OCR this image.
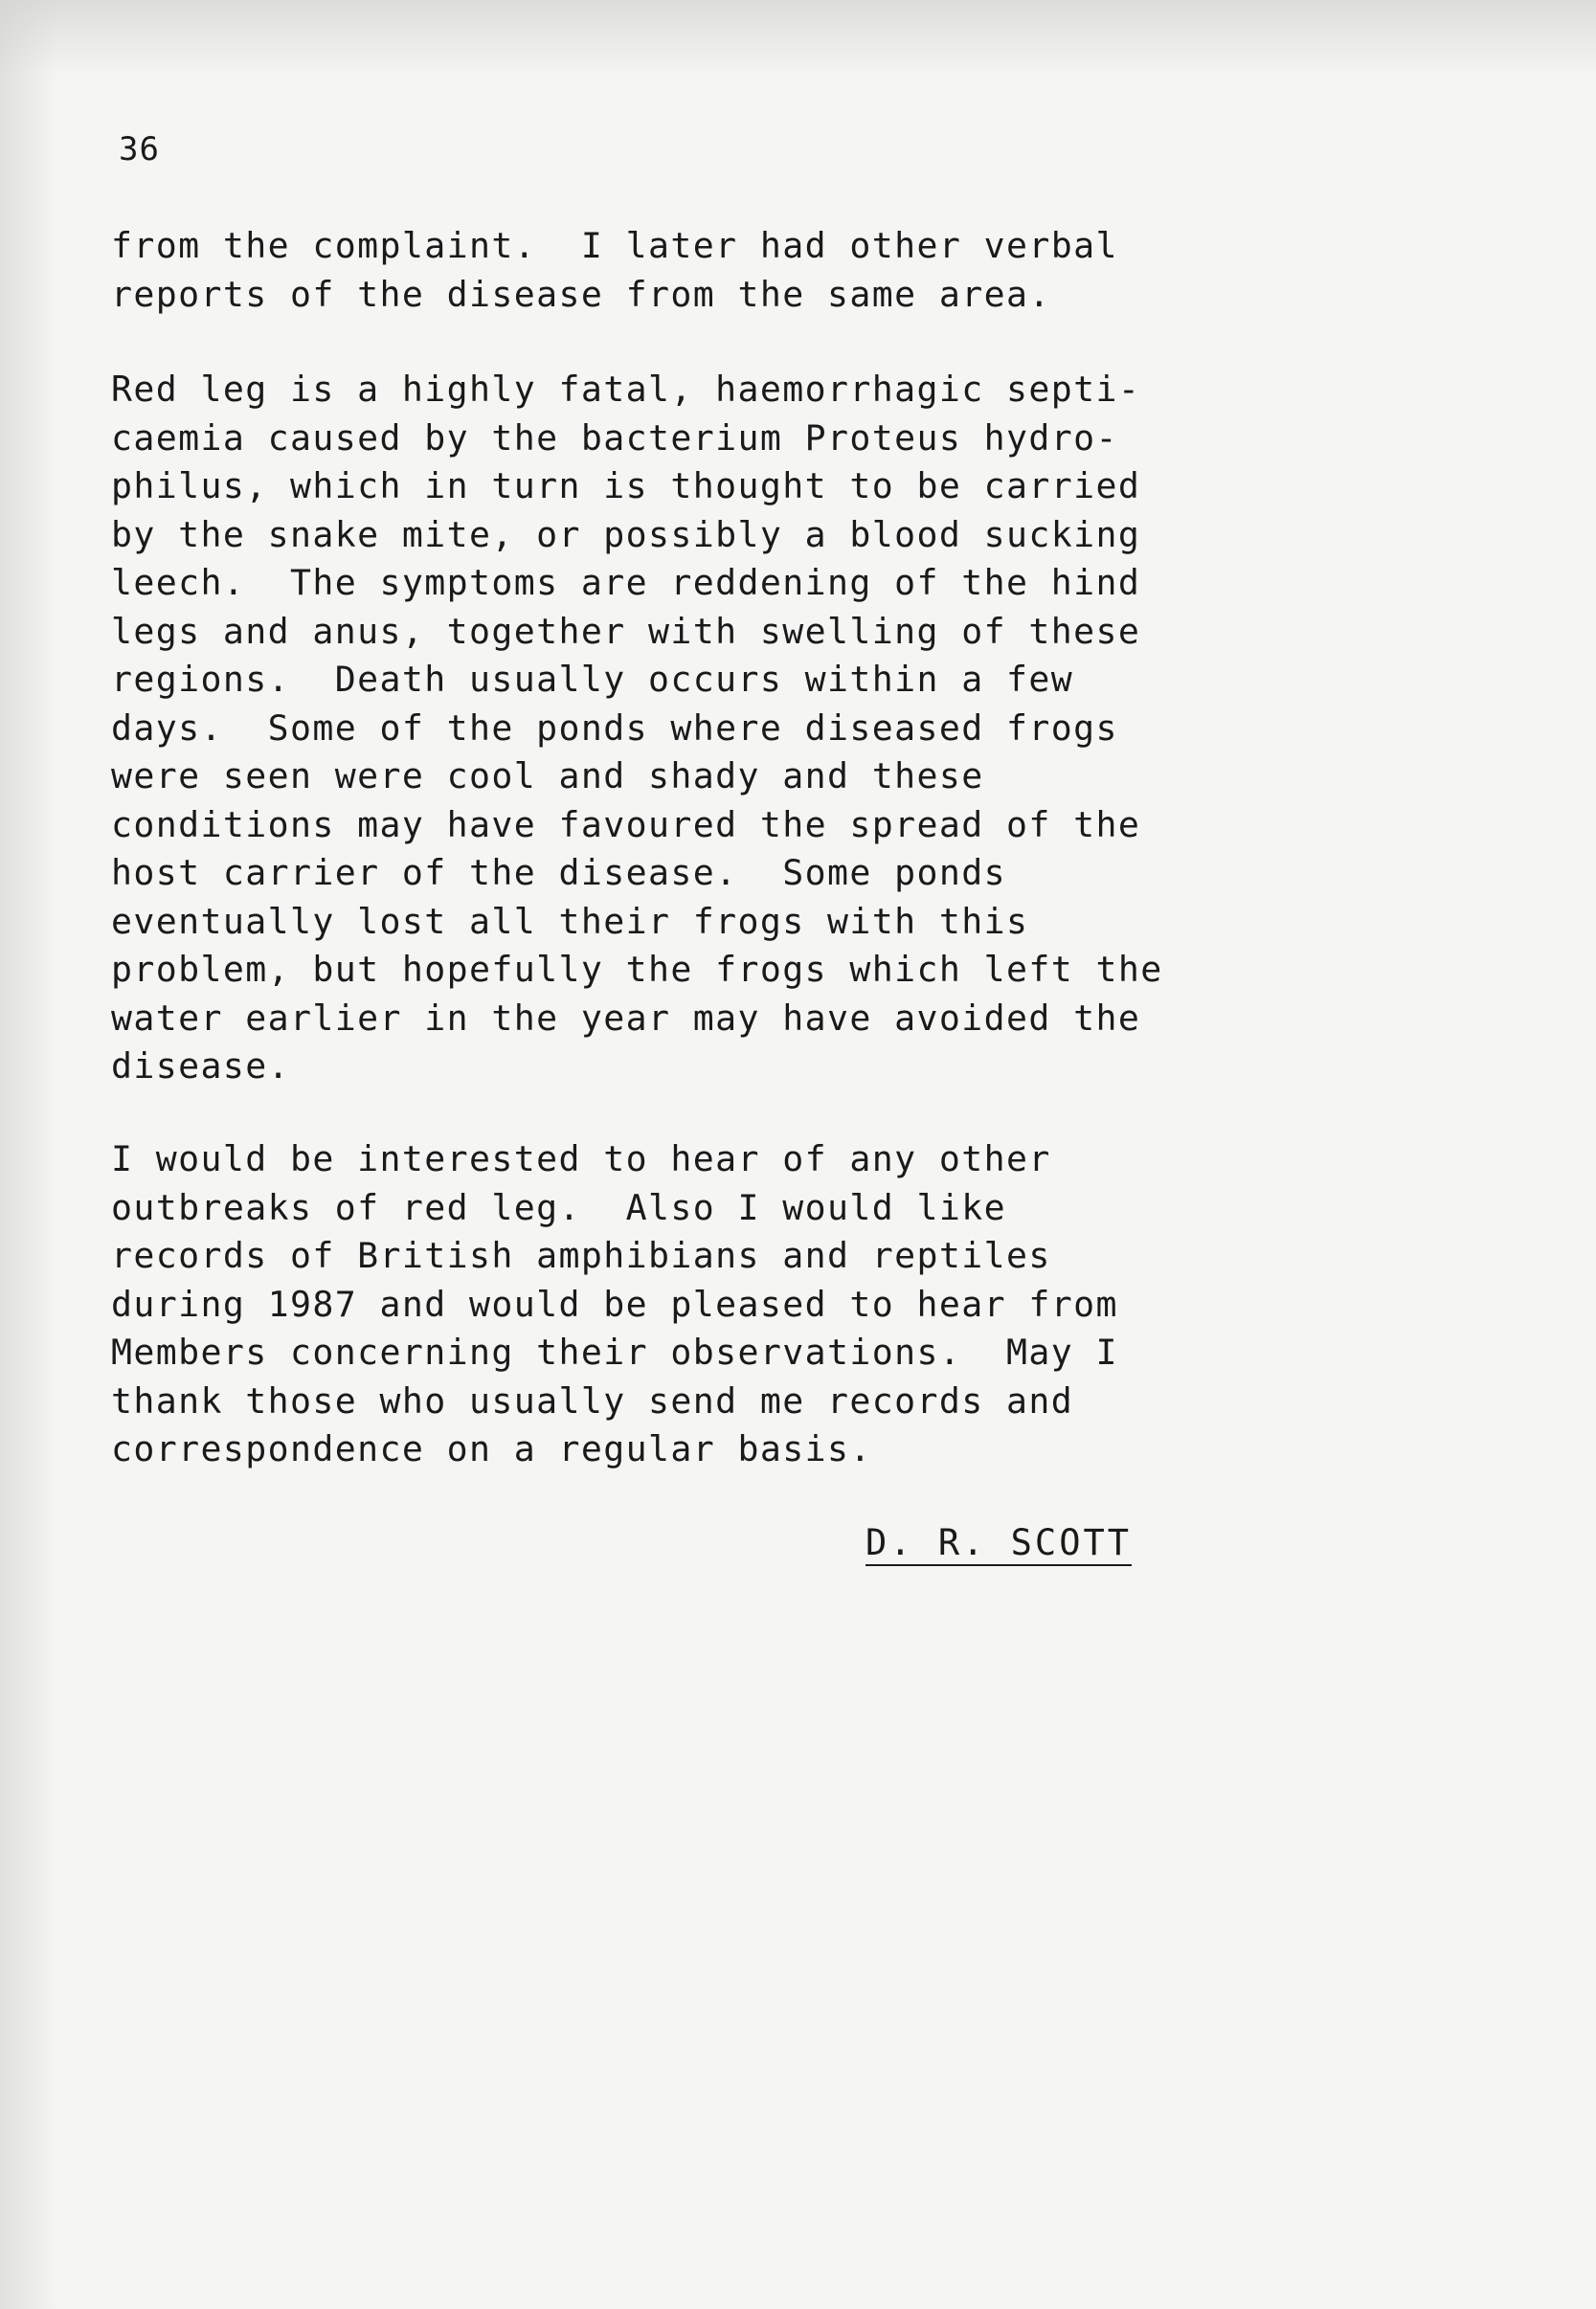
36
from the complaint.  I later had other verbal
reports of the disease from the same area.
Red leg is a highly fatal, haemorrhagic septi-
caemia caused by the bacterium Proteus hydro-
philus, which in turn is thought to be carried
by the snake mite, or possibly a blood sucking
leech.  The symptoms are reddening of the hind
legs and anus, together with swelling of these
regions.  Death usually occurs within a few
days.  Some of the ponds where diseased frogs
were seen were cool and shady and these
conditions may have favoured the spread of the
host carrier of the disease.  Some ponds
eventually lost all their frogs with this
problem, but hopefully the frogs which left the
water earlier in the year may have avoided the
disease.
I would be interested to hear of any other
outbreaks of red leg.  Also I would like
records of British amphibians and reptiles
during 1987 and would be pleased to hear from
Members concerning their observations.  May I
thank those who usually send me records and
correspondence on a regular basis.
D. R. SCOTT
